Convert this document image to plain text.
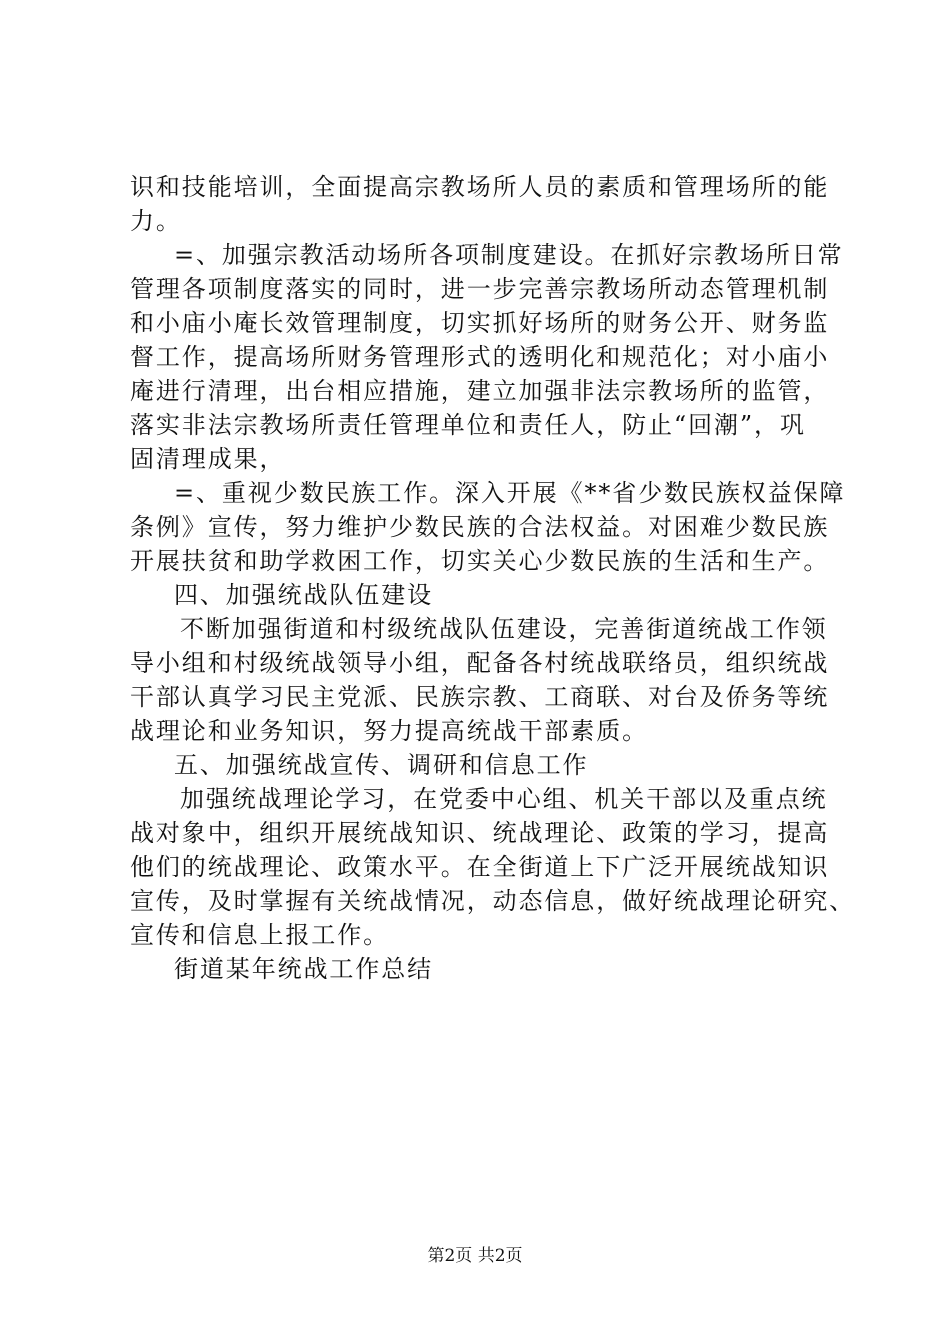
识和技能培训，全面提高宗教场所人员的素质和管理场所的能
力。
=、加强宗教活动场所各项制度建设。在抓好宗教场所日常
管理各项制度落实的同时，进一步完善宗教场所动态管理机制
和小庙小庵长效管理制度，切实抓好场所的财务公开、财务监
督工作，提高场所财务管理形式的透明化和规范化；对小庙小
庵进行清理，出台相应措施，建立加强非法宗教场所的监管，
落实非法宗教场所责任管理单位和责任人，防止“回潮”，巩
固清理成果，
=、重视少数民族工作。深入开展《**省少数民族权益保障
条例》宣传，努力维护少数民族的合法权益。对困难少数民族
开展扶贫和助学救困工作，切实关心少数民族的生活和生产。
四、加强统战队伍建设
不断加强街道和村级统战队伍建设，完善街道统战工作领
导小组和村级统战领导小组，配备各村统战联络员，组织统战
干部认真学习民主党派、民族宗教、工商联、对台及侨务等统
战理论和业务知识，努力提高统战干部素质。
五、加强统战宣传、调研和信息工作
加强统战理论学习，在党委中心组、机关干部以及重点统
战对象中，组织开展统战知识、统战理论、政策的学习，提高
他们的统战理论、政策水平。在全街道上下广泛开展统战知识
宣传，及时掌握有关统战情况，动态信息，做好统战理论研究、
宣传和信息上报工作。
街道某年统战工作总结
第2页 共2页
